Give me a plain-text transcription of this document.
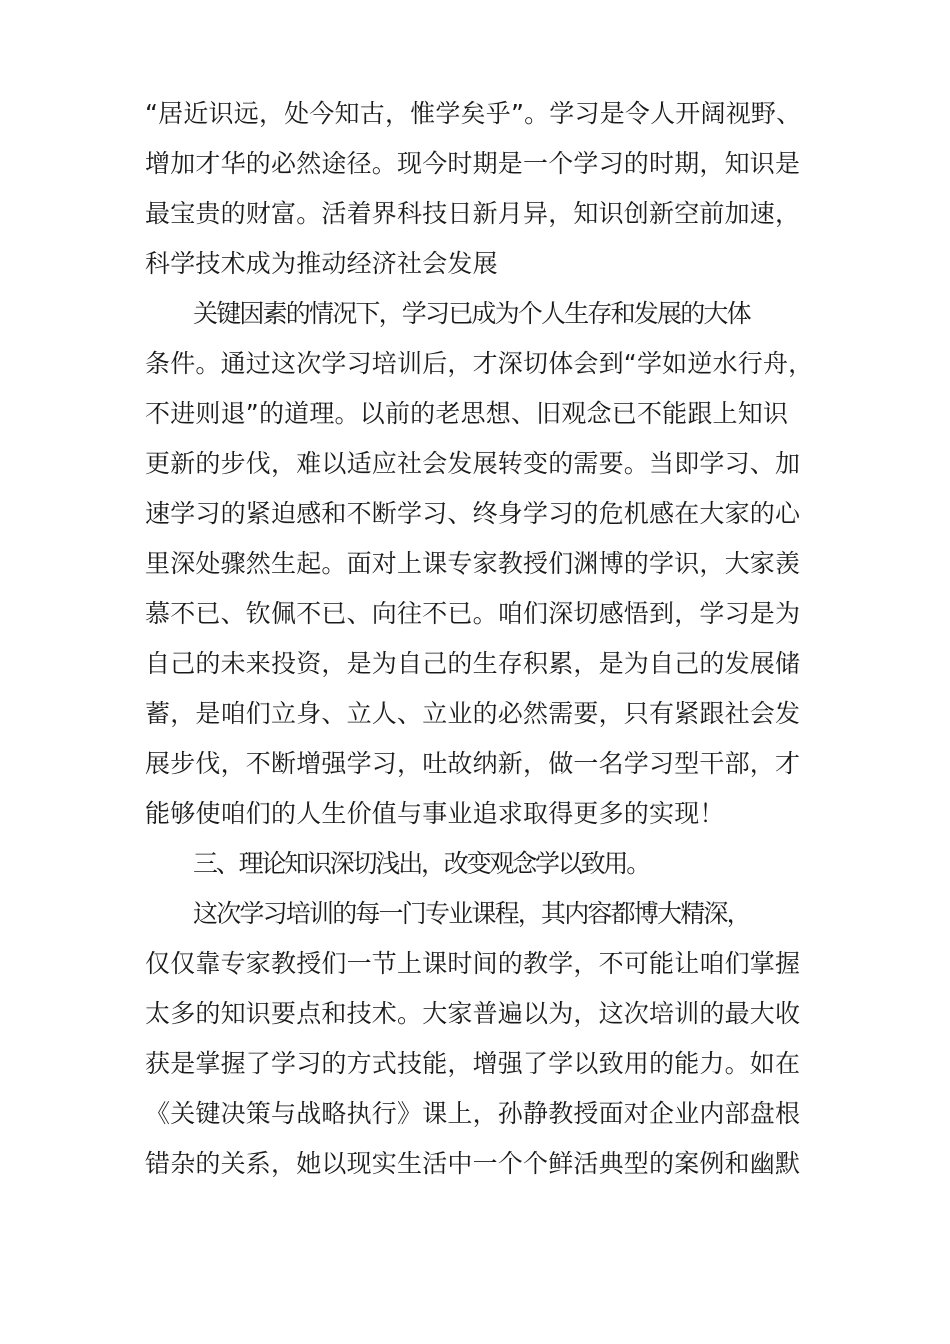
“居近识远，处今知古，惟学矣乎”。学习是令人开阔视野、
增加才华的必然途径。现今时期是一个学习的时期，知识是
最宝贵的财富。活着界科技日新月异，知识创新空前加速，
科学技术成为推动经济社会发展
关键因素的情况下，学习已成为个人生存和发展的大体
条件。通过这次学习培训后，才深切体会到“学如逆水行舟，
不进则退”的道理。以前的老思想、旧观念已不能跟上知识
更新的步伐，难以适应社会发展转变的需要。当即学习、加
速学习的紧迫感和不断学习、终身学习的危机感在大家的心
里深处骤然生起。面对上课专家教授们渊博的学识，大家羡
慕不已、钦佩不已、向往不已。咱们深切感悟到，学习是为
自己的未来投资，是为自己的生存积累，是为自己的发展储
蓄，是咱们立身、立人、立业的必然需要，只有紧跟社会发
展步伐，不断增强学习，吐故纳新，做一名学习型干部，才
能够使咱们的人生价值与事业追求取得更多的实现！
三、理论知识深切浅出，改变观念学以致用。
这次学习培训的每一门专业课程，其内容都博大精深，
仅仅靠专家教授们一节上课时间的教学，不可能让咱们掌握
太多的知识要点和技术。大家普遍以为，这次培训的最大收
获是掌握了学习的方式技能，增强了学以致用的能力。如在
《关键决策与战略执行》课上，孙静教授面对企业内部盘根
错杂的关系，她以现实生活中一个个鲜活典型的案例和幽默
